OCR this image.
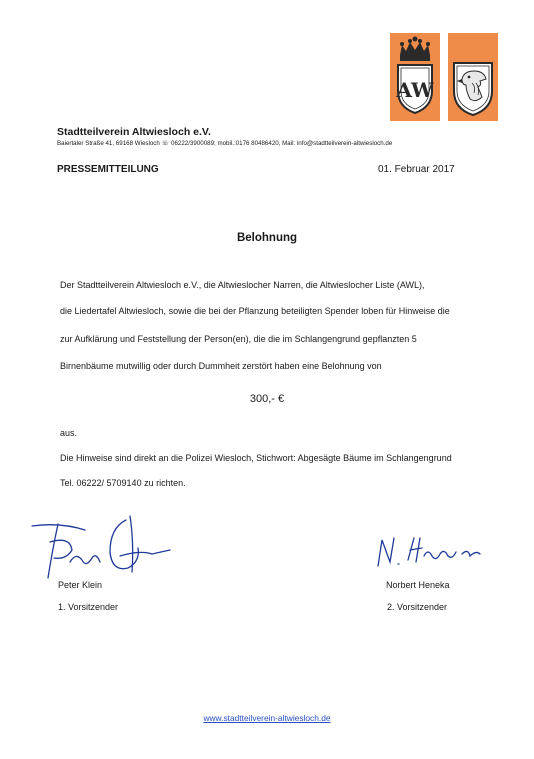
AW
Stadtteilverein Altwiesloch e.V.
Baiertaler Straße 41, 69168 Wiesloch ☏ 06222/3900089; mobil.:0176 80486420, Mail: info@stadtteilverein-altwiesloch.de
PRESSEMITTEILUNG	01. Februar 2017
Belohnung
Der Stadtteilverein Altwiesloch e.V., die Altwieslocher Narren, die Altwieslocher Liste (AWL),
die Liedertafel Altwiesloch, sowie die bei der Pflanzung beteiligten Spender loben für Hinweise die
zur Aufklärung und Feststellung der Person(en), die die im Schlangengrund gepflanzten 5
Birnenbäume mutwillig oder durch Dummheit zerstört haben eine Belohnung von
300,- €
aus.
Die Hinweise sind direkt an die Polizei Wiesloch, Stichwort: Abgesägte Bäume im Schlangengrund
Tel. 06222/ 5709140 zu richten.
Peter Klein
1. Vorsitzender
Norbert Heneka
2. Vorsitzender
www.stadtteilverein-altwiesloch.de
